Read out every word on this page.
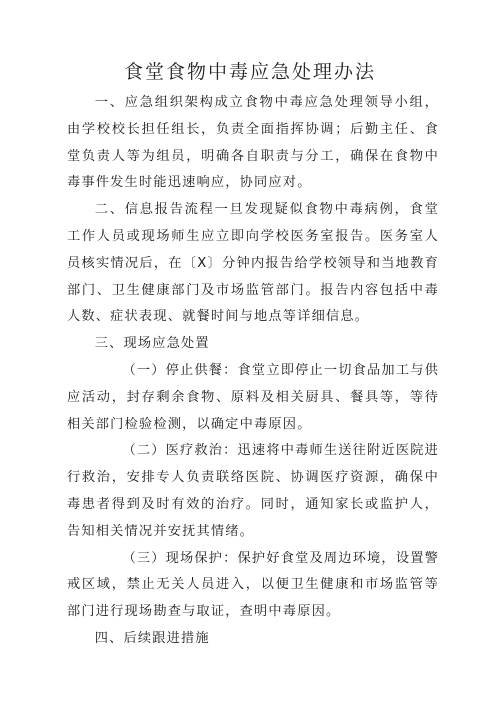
食堂食物中毒应急处理办法

一、应急组织架构成立食物中毒应急处理领导小组，由学校校长担任组长，负责全面指挥协调；后勤主任、食堂负责人等为组员，明确各自职责与分工，确保在食物中毒事件发生时能迅速响应，协同应对。

二、信息报告流程一旦发现疑似食物中毒病例，食堂工作人员或现场师生应立即向学校医务室报告。医务室人员核实情况后，在〔X〕分钟内报告给学校领导和当地教育部门、卫生健康部门及市场监管部门。报告内容包括中毒人数、症状表现、就餐时间与地点等详细信息。

三、现场应急处置

（一）停止供餐：食堂立即停止一切食品加工与供应活动，封存剩余食物、原料及相关厨具、餐具等，等待相关部门检验检测，以确定中毒原因。

（二）医疗救治：迅速将中毒师生送往附近医院进行救治，安排专人负责联络医院、协调医疗资源，确保中毒患者得到及时有效的治疗。同时，通知家长或监护人，告知相关情况并安抚其情绪。

（三）现场保护：保护好食堂及周边环境，设置警戒区域，禁止无关人员进入，以便卫生健康和市场监管等部门进行现场勘查与取证，查明中毒原因。

四、后续跟进措施
